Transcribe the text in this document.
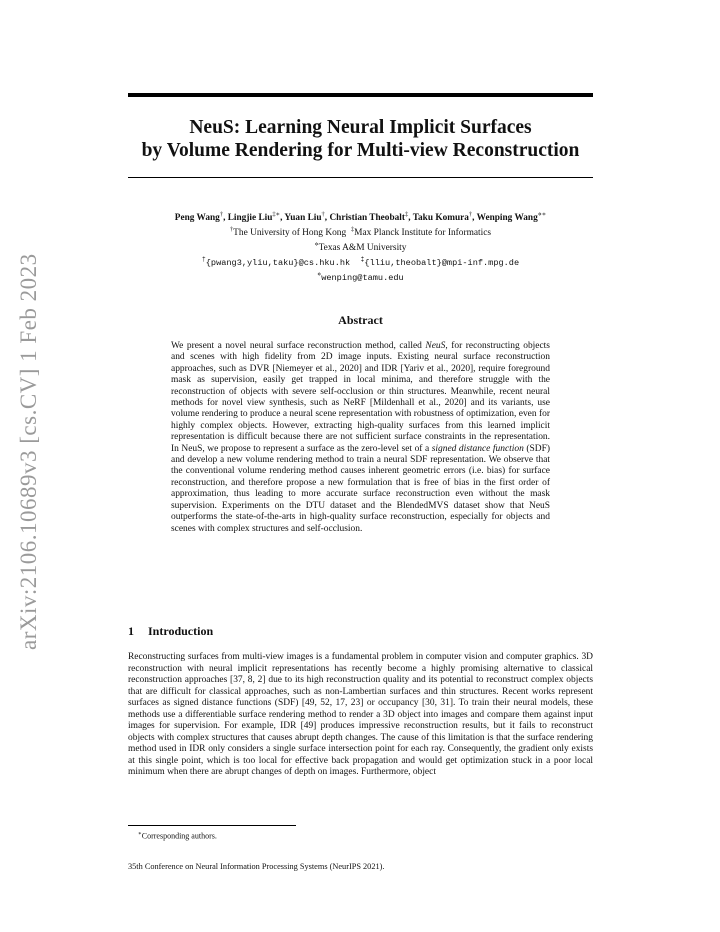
arXiv:2106.10689v3 [cs.CV] 1 Feb 2023
NeuS: Learning Neural Implicit Surfaces
by Volume Rendering for Multi-view Reconstruction
Peng Wang†, Lingjie Liu‡∗, Yuan Liu†, Christian Theobalt‡, Taku Komura†, Wenping Wang⋄∗
†The University of Hong Kong ‡Max Planck Institute for Informatics
⋄Texas A&M University
†{pwang3,yliu,taku}@cs.hku.hk ‡{lliu,theobalt}@mpi-inf.mpg.de
⋄wenping@tamu.edu
Abstract

We present a novel neural surface reconstruction method, called NeuS, for reconstructing objects and scenes with high fidelity from 2D image inputs. Existing neural surface reconstruction approaches, such as DVR [Niemeyer et al., 2020] and IDR [Yariv et al., 2020], require foreground mask as supervision, easily get trapped in local minima, and therefore struggle with the reconstruction of objects with severe self-occlusion or thin structures. Meanwhile, recent neural methods for novel view synthesis, such as NeRF [Mildenhall et al., 2020] and its variants, use volume rendering to produce a neural scene representation with robustness of optimization, even for highly complex objects. However, extracting high-quality surfaces from this learned implicit representation is difficult because there are not sufficient surface constraints in the representation. In NeuS, we propose to represent a surface as the zero-level set of a signed distance function (SDF) and develop a new volume rendering method to train a neural SDF representation. We observe that the conventional volume rendering method causes inherent geometric errors (i.e. bias) for surface reconstruction, and therefore propose a new formulation that is free of bias in the first order of approximation, thus leading to more accurate surface reconstruction even without the mask supervision. Experiments on the DTU dataset and the BlendedMVS dataset show that NeuS outperforms the state-of-the-arts in high-quality surface reconstruction, especially for objects and scenes with complex structures and self-occlusion.

1 Introduction

Reconstructing surfaces from multi-view images is a fundamental problem in computer vision and computer graphics. 3D reconstruction with neural implicit representations has recently become a highly promising alternative to classical reconstruction approaches [37, 8, 2] due to its high reconstruction quality and its potential to reconstruct complex objects that are difficult for classical approaches, such as non-Lambertian surfaces and thin structures. Recent works represent surfaces as signed distance functions (SDF) [49, 52, 17, 23] or occupancy [30, 31]. To train their neural models, these methods use a differentiable surface rendering method to render a 3D object into images and compare them against input images for supervision. For example, IDR [49] produces impressive reconstruction results, but it fails to reconstruct objects with complex structures that causes abrupt depth changes. The cause of this limitation is that the surface rendering method used in IDR only considers a single surface intersection point for each ray. Consequently, the gradient only exists at this single point, which is too local for effective back propagation and would get optimization stuck in a poor local minimum when there are abrupt changes of depth on images. Furthermore, object

∗Corresponding authors.
35th Conference on Neural Information Processing Systems (NeurIPS 2021).
